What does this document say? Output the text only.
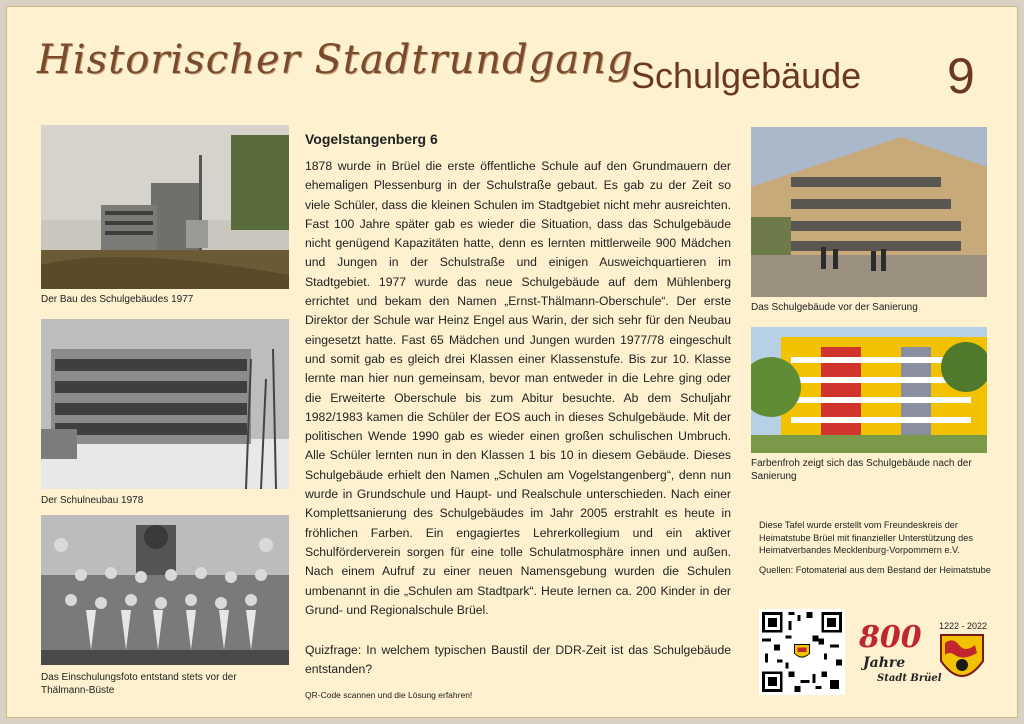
Historischer Stadtrundgang
Schulgebäude 9
Der Bau des Schulgebäudes 1977
Der Schulneubau 1978
Das Einschulungsfoto entstand stets vor der Thälmann-Büste
Vogelstangenberg 6
1878 wurde in Brüel die erste öffentliche Schule auf den Grundmauern der ehemaligen Plessenburg in der Schulstraße gebaut. Es gab zu der Zeit so viele Schüler, dass die kleinen Schulen im Stadtgebiet nicht mehr ausreichten. Fast 100 Jahre später gab es wieder die Situation, dass das Schulgebäude nicht genügend Kapazitäten hatte, denn es lernten mittlerweile 900 Mädchen und Jungen in der Schulstraße und einigen Ausweichquartieren im Stadtgebiet. 1977 wurde das neue Schulgebäude auf dem Mühlenberg errichtet und bekam den Namen „Ernst-Thälmann-Oberschule“. Der erste Direktor der Schule war Heinz Engel aus Warin, der sich sehr für den Neubau eingesetzt hatte. Fast 65 Mädchen und Jungen wurden 1977/78 eingeschult und somit gab es gleich drei Klassen einer Klassenstufe. Bis zur 10. Klasse lernte man hier nun gemeinsam, bevor man entweder in die Lehre ging oder die Erweiterte Oberschule bis zum Abitur besuchte. Ab dem Schuljahr 1982/1983 kamen die Schüler der EOS auch in dieses Schulgebäude. Mit der politischen Wende 1990 gab es wieder einen großen schulischen Umbruch. Alle Schüler lernten nun in den Klassen 1 bis 10 in diesem Gebäude. Dieses Schulgebäude erhielt den Namen „Schulen am Vogelstangenberg“, denn nun wurde in Grundschule und Haupt- und Realschule unterschieden. Nach einer Komplettsanierung des Schulgebäudes im Jahr 2005 erstrahlt es heute in fröhlichen Farben. Ein engagiertes Lehrerkollegium und ein aktiver Schulförderverein sorgen für eine tolle Schulatmosphäre innen und außen. Nach einem Aufruf zu einer neuen Namensgebung wurden die Schulen umbenannt in die „Schulen am Stadtpark“. Heute lernen ca. 200 Kinder in der Grund- und Regionalschule Brüel.
Quizfrage: In welchem typischen Baustil der DDR-Zeit ist das Schulgebäude entstanden?
QR-Code scannen und die Lösung erfahren!
Das Schulgebäude vor der Sanierung
Farbenfroh zeigt sich das Schulgebäude nach der Sanierung

Diese Tafel wurde erstellt vom Freundeskreis der Heimatstube Brüel mit finanzieller Unterstützung des Heimatverbandes Mecklenburg-Vorpommern e.V.

Quellen: Fotomaterial aus dem Bestand der Heimatstube

800 1222 - 2022
Jahre
Stadt Brüel
